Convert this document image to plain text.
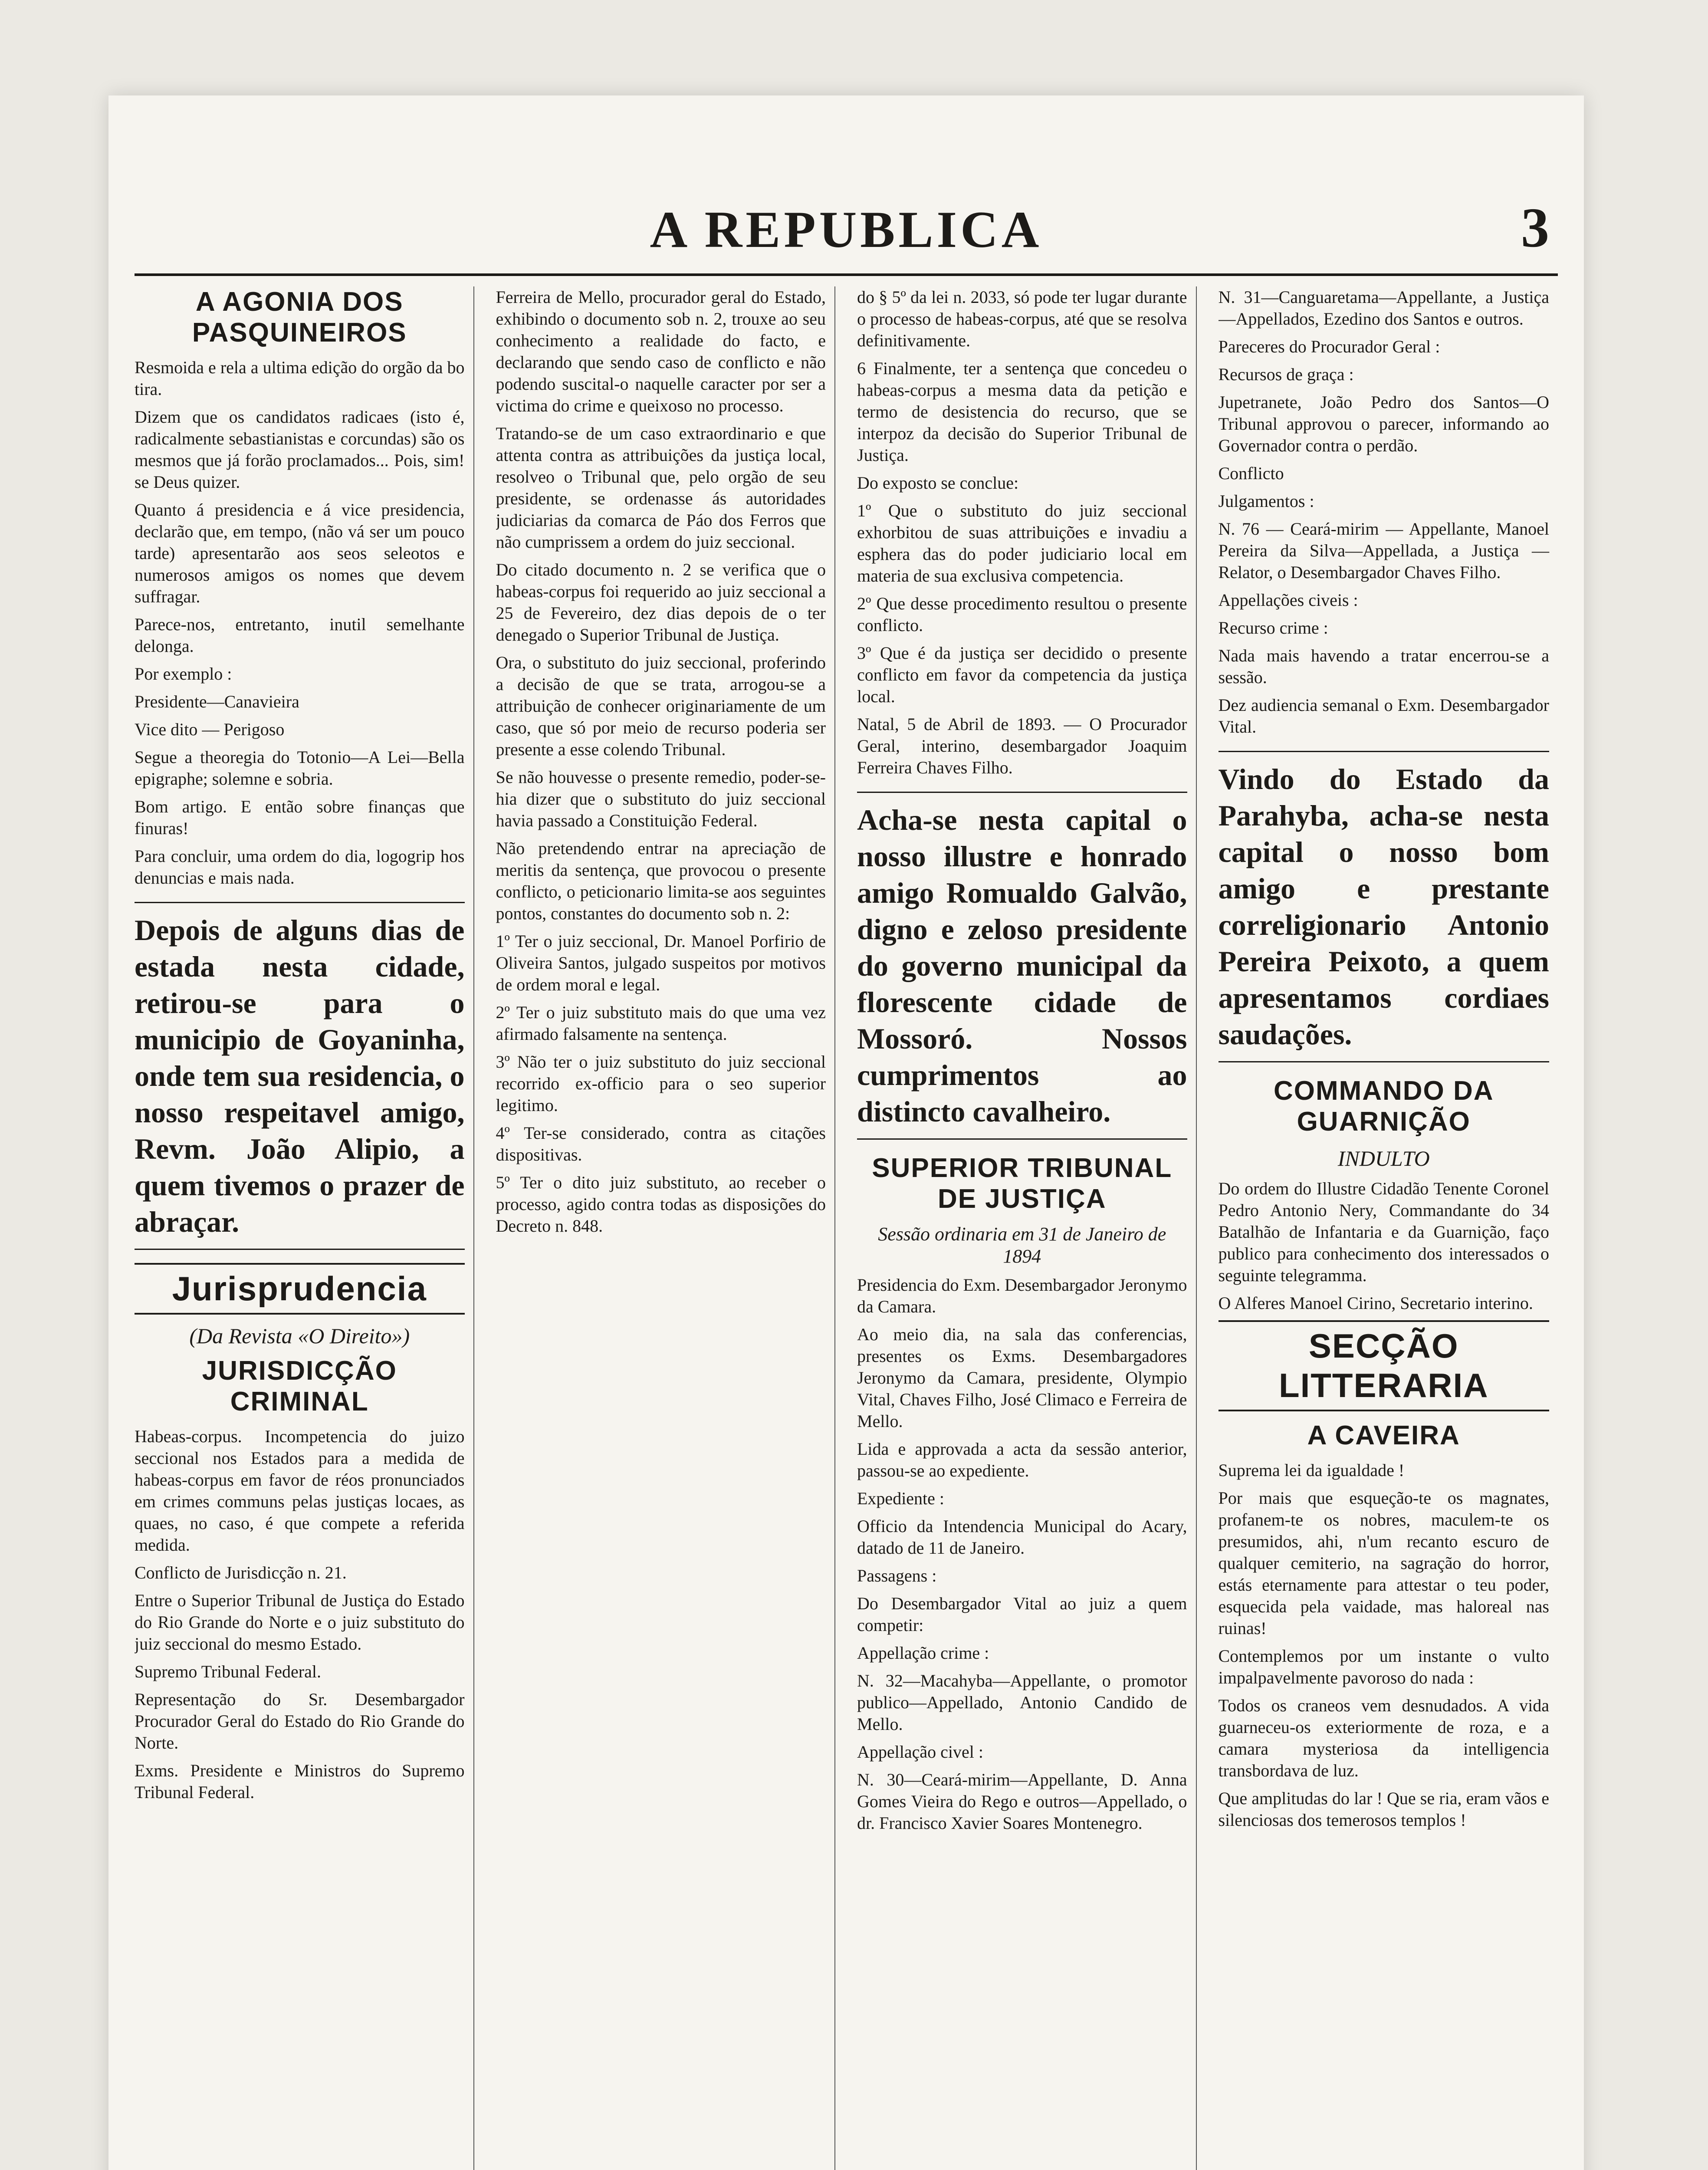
A REPUBLICA	3
A AGONIA DOS PASQUINEIROS

Resmoida e rela a ultima edição do orgão da bo tira.

Dizem que os candidatos radicaes (isto é, radicalmente sebastianistas e corcundas) são os mesmos que já forão proclamados... Pois, sim! se Deus quizer.

Quanto á presidencia e á vice presidencia, declarão que, em tempo, (não vá ser um pouco tarde) apresentarão aos seos seleotos e numerosos amigos os nomes que devem suffragar.

Parece-nos, entretanto, inutil semelhante delonga.

Por exemplo :

Presidente—Canavieira

Vice dito — Perigoso

Segue a theoregia do Totonio—A Lei—Bella epigraphe; solemne e sobria.

Bom artigo. E então sobre finanças que finuras!

Para concluir, uma ordem do dia, logogrip hos denuncias e mais nada.

Depois de alguns dias de estada nesta cidade, retirou-se para o municipio de Goyaninha, onde tem sua residencia, o nosso respeitavel amigo, Revm. João Alipio, a quem tivemos o prazer de abraçar.
Jurisprudencia
(Da Revista «O Direito»)
JURISDICÇÃO CRIMINAL

Habeas-corpus. Incompetencia do juizo seccional nos Estados para a medida de habeas-corpus em favor de réos pronunciados em crimes communs pelas justiças locaes, as quaes, no caso, é que compete a referida medida.

Conflicto de Jurisdicção n. 21.

Entre o Superior Tribunal de Justiça do Estado do Rio Grande do Norte e o juiz substituto do juiz seccional do mesmo Estado.

Supremo Tribunal Federal.

Representação do Sr. Desembargador Procurador Geral do Estado do Rio Grande do Norte.

Exms. Presidente e Ministros do Supremo Tribunal Federal.

Ferreira de Mello, procurador geral do Estado, exhibindo o documento sob n. 2, trouxe ao seu conhecimento a realidade do facto, e declarando que sendo caso de conflicto e não podendo suscital-o naquelle caracter por ser a victima do crime e queixoso no processo.

Tratando-se de um caso extraordinario e que attenta contra as attribuições da justiça local, resolveo o Tribunal que, pelo orgão de seu presidente, se ordenasse ás autoridades judiciarias da comarca de Páo dos Ferros que não cumprissem a ordem do juiz seccional.

Do citado documento n. 2 se verifica que o habeas-corpus foi requerido ao juiz seccional a 25 de Fevereiro, dez dias depois de o ter denegado o Superior Tribunal de Justiça.

Ora, o substituto do juiz seccional, proferindo a decisão de que se trata, arrogou-se a attribuição de conhecer originariamente de um caso, que só por meio de recurso poderia ser presente a esse colendo Tribunal.

Se não houvesse o presente remedio, poder-se-hia dizer que o substituto do juiz seccional havia passado a Constituição Federal.

Não pretendendo entrar na apreciação de meritis da sentença, que provocou o presente conflicto, o peticionario limita-se aos seguintes pontos, constantes do documento sob n. 2:

1º Ter o juiz seccional, Dr. Manoel Porfirio de Oliveira Santos, julgado suspeitos por motivos de ordem moral e legal.

2º Ter o juiz substituto mais do que uma vez afirmado falsamente na sentença.

3º Não ter o juiz substituto do juiz seccional recorrido ex-officio para o seo superior legitimo.

4º Ter-se considerado, contra as citações dispositivas.

5º Ter o dito juiz substituto, ao receber o processo, agido contra todas as disposições do Decreto n. 848.

do § 5º da lei n. 2033, só pode ter lugar durante o processo de habeas-corpus, até que se resolva definitivamente.

6 Finalmente, ter a sentença que concedeu o habeas-corpus a mesma data da petição e termo de desistencia do recurso, que se interpoz da decisão do Superior Tribunal de Justiça.

Do exposto se conclue:

1º Que o substituto do juiz seccional exhorbitou de suas attribuições e invadiu a esphera das do poder judiciario local em materia de sua exclusiva competencia.

2º Que desse procedimento resultou o presente conflicto.

3º Que é da justiça ser decidido o presente conflicto em favor da competencia da justiça local.

Natal, 5 de Abril de 1893. — O Procurador Geral, interino, desembargador Joaquim Ferreira Chaves Filho.

Acha-se nesta capital o nosso illustre e honrado amigo Romualdo Galvão, digno e zeloso presidente do governo municipal da florescente cidade de Mossoró. Nossos cumprimentos ao distincto cavalheiro.
SUPERIOR TRIBUNAL DE JUSTIÇA
Sessão ordinaria em 31 de Janeiro de 1894

Presidencia do Exm. Desembargador Jeronymo da Camara.

Ao meio dia, na sala das conferencias, presentes os Exms. Desembargadores Jeronymo da Camara, presidente, Olympio Vital, Chaves Filho, José Climaco e Ferreira de Mello.

Lida e approvada a acta da sessão anterior, passou-se ao expediente.

Expediente :

Officio da Intendencia Municipal do Acary, datado de 11 de Janeiro.

Passagens :

Do Desembargador Vital ao juiz a quem competir:

Appellação crime :

N. 32—Macahyba—Appellante, o promotor publico—Appellado, Antonio Candido de Mello.

Appellação civel :

N. 30—Ceará-mirim—Appellante, D. Anna Gomes Vieira do Rego e outros—Appellado, o dr. Francisco Xavier Soares Montenegro.

N. 31—Canguaretama—Appellante, a Justiça—Appellados, Ezedino dos Santos e outros.

Pareceres do Procurador Geral :

Recursos de graça :

Jupetranete, João Pedro dos Santos—O Tribunal approvou o parecer, informando ao Governador contra o perdão.

Conflicto

Julgamentos :

N. 76 — Ceará-mirim — Appellante, Manoel Pereira da Silva—Appellada, a Justiça — Relator, o Desembargador Chaves Filho.

Appellações civeis :

Recurso crime :

Nada mais havendo a tratar encerrou-se a sessão.

Dez audiencia semanal o Exm. Desembargador Vital.

Vindo do Estado da Parahyba, acha-se nesta capital o nosso bom amigo e prestante correligionario Antonio Pereira Peixoto, a quem apresentamos cordiaes saudações.
COMMANDO DA GUARNIÇÃO
INDULTO

Do ordem do Illustre Cidadão Tenente Coronel Pedro Antonio Nery, Commandante do 34 Batalhão de Infantaria e da Guarnição, faço publico para conhecimento dos interessados o seguinte telegramma.

O Alferes Manoel Cirino, Secretario interino.

SECÇÃO LITTERARIA
A CAVEIRA

Suprema lei da igualdade !

Por mais que esqueção-te os magnates, profanem-te os nobres, maculem-te os presumidos, ahi, n'um recanto escuro de qualquer cemiterio, na sagração do horror, estás eternamente para attestar o teu poder, esquecida pela vaidade, mas haloreal nas ruinas!

Contemplemos por um instante o vulto impalpavelmente pavoroso do nada :

Todos os craneos vem desnudados. A vida guarneceu-os exteriormente de roza, e a camara mysteriosa da intelligencia transbordava de luz.

Que amplitudas do lar ! Que se ria, eram vãos e silenciosas dos temerosos templos !
